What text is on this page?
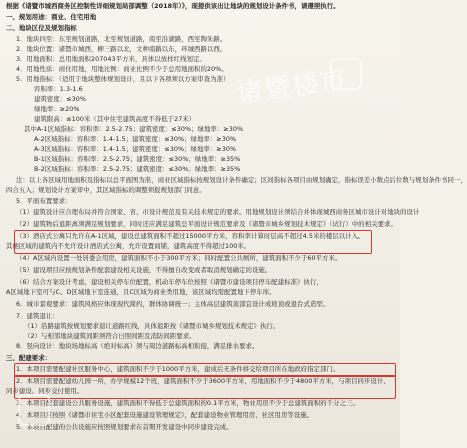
根据《诸暨市城西商务区控制性详细规划局部调整（2018年）》，现提供该出让地块的规划设计条件书，请遵照执行。
一、规划用途：商业、住宅用地
二、地块区位及规划指标
1．地块四至：东至规划道路，北至规划道路，南至沿湖路，西至陶朱路。
2．地块位置：诸暨市城西，柳三路以北，文种南路以东，环城西路以西。
3．用地面积：总用地面积207043平方米，具体以放样红线划定。
4．用地性质：商住用地，用地比例：商业比例不少于总用地面积的20%。
5．用地指标：（适用于地块整体规划设计，且以下各项须以方案审查为准）
容积率：1.3-1.6
建筑密度：≤30%
绿地率：≥20%
建筑限高：≤100米（其中住宅建筑高度不得低于27米）
其中A-1区域指标：容积率：2.5-2.75；建筑密度：≤30%；绿地率：≥30%
A-2区域指标：容积率：1.4-1.5；建筑密度：≤30%；绿地率：≥30%
A-3区域指标：容积率：1.4-1.5；建筑密度：≤30%；绿地率：≥30%
B-1区域指标：容积率：2.5-2.75；建筑密度：≤30%；绿地率：≥35%
B-2区域指标：容积率：2.5-2.75；建筑密度：≤30%；绿地率：≥35%
注：以上各区域用地面积及指标以总平面图为准，商业区域指标按规划设计条件确定；区间指标各项目由规划确定，指标误差小数点后位数与规划条件书同一，
四合五入；规划设计方案审中，其区域指标的调整须报规划部门同意。
5．平面布置要求：
（1）建筑设计应合理布局并符合国家、省、市设计规范及有关技术规定的要求。用地规划设计须结合并体现城西商务区城市设计对地块的设计
（2）建筑物后退距离须满足规划要求，同时还应满足建筑总平面设计规范要求及《诸暨市城乡规划技术规定》（试行）中的相关要求。
（3）酒店式公寓只允许在A-1区域，建设总建筑面积不超过15000平方米，容积率计算时层高不超过4.5米的楼层以计入。
其他区域的建筑内不允许设计酒店式公寓，允许设置商铺，建筑高度不得超过100米。
（4）A区域内设置一处居委会用房，建筑面积不小于300平方米；同时配置公共厕所，建筑面积不少于60平方米。
（5）建设项目应按规划条件配套建设相关设施，不得擅自改变或者取消规划确定的设施。
（6）结合方案设计考虑，建设相关停车位配置，机动车停车位按照《诸暨市建设项目停车配建标准》执行，
A区域地下室可与C、D区域地下室连通，且C区域为商业类用地，该区域均需配置地下停车库。
6．城市景观要求：建筑风格应体现现代简约，群体协调统一；主体高层建筑顶部宜设计成坡顶或退台式造型。
7．建筑退让：
（1）沿路建筑按规划要求退让道路红线，具体退距按《诸暨市城乡规划技术规定》执行。
（2）与相邻地块建筑间距须符合日照间距及消防间距要求。
8．竖向设计：地块场地标高（绝对标高）须与周边道路标高相衔接，满足排水要求。
三、配建要求：
1．本项目需要配建社区服务中心，建筑面积不少于1000平方米，建成后无条件移交给项目所在地政府指定部门。
2．本项目需要配建幼儿园一所，办学规模12个班，建筑面积不少于3600平方米，用地面积不少于4800平方米，与项目同步设计、
同步建设、同步交付使用。
3．本项目配套建设公共服务设施，建筑面积不得低于总建筑面积的0.1平方米，物业用房不少于总建筑面积的千分之三。
4．本项目应按照《诸暨市住宅小区配套设施建设管理规定》，配套建设物业管理用房、社区用房等设施。
5．本项目配建的公共设施应按照规划要求在首期开发建设中同步建设完成。
诸暨楼市
